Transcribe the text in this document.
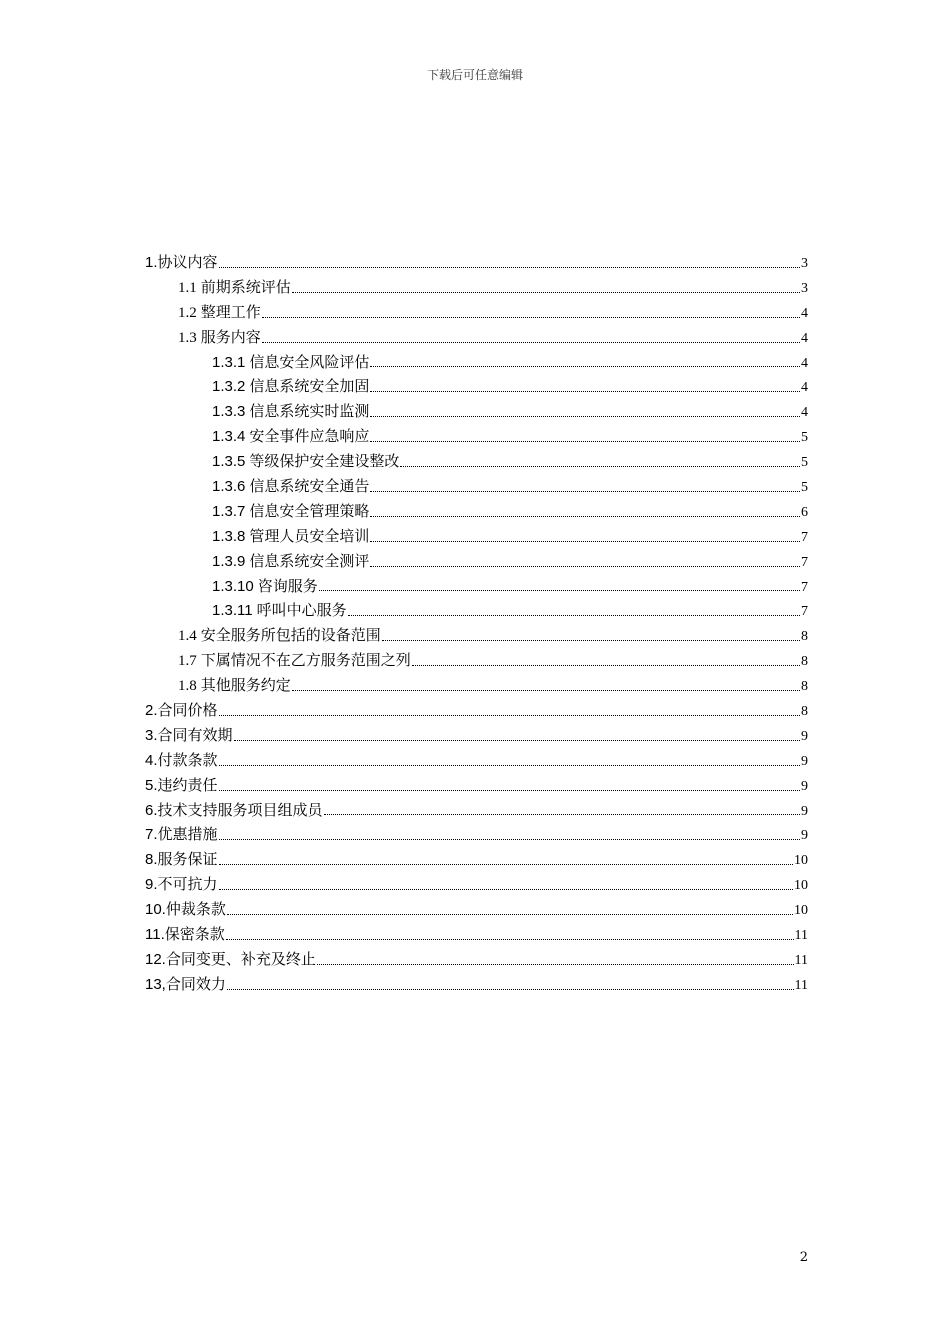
下载后可任意编辑
1. 协议内容	3
1.1 前期系统评估	3
1.2 整理工作	4
1.3 服务内容	4
1.3.1 信息安全风险评估	4
1.3.2 信息系统安全加固	4
1.3.3 信息系统实时监测	4
1.3.4 安全事件应急响应	5
1.3.5 等级保护安全建设整改	5
1.3.6 信息系统安全通告	5
1.3.7 信息安全管理策略	6
1.3.8 管理人员安全培训	7
1.3.9 信息系统安全测评	7
1.3.10 咨询服务	7
1.3.11 呼叫中心服务	7
1.4 安全服务所包括的设备范围	8
1.7 下属情况不在乙方服务范围之列	8
1.8 其他服务约定	8
2. 合同价格	8
3. 合同有效期	9
4. 付款条款	9
5. 违约责任	9
6. 技术支持服务项目组成员	9
7. 优惠措施	9
8. 服务保证	10
9. 不可抗力	10
10. 仲裁条款	10
11. 保密条款	11
12. 合同变更、补充及终止	11
13, 合同效力	11
2
